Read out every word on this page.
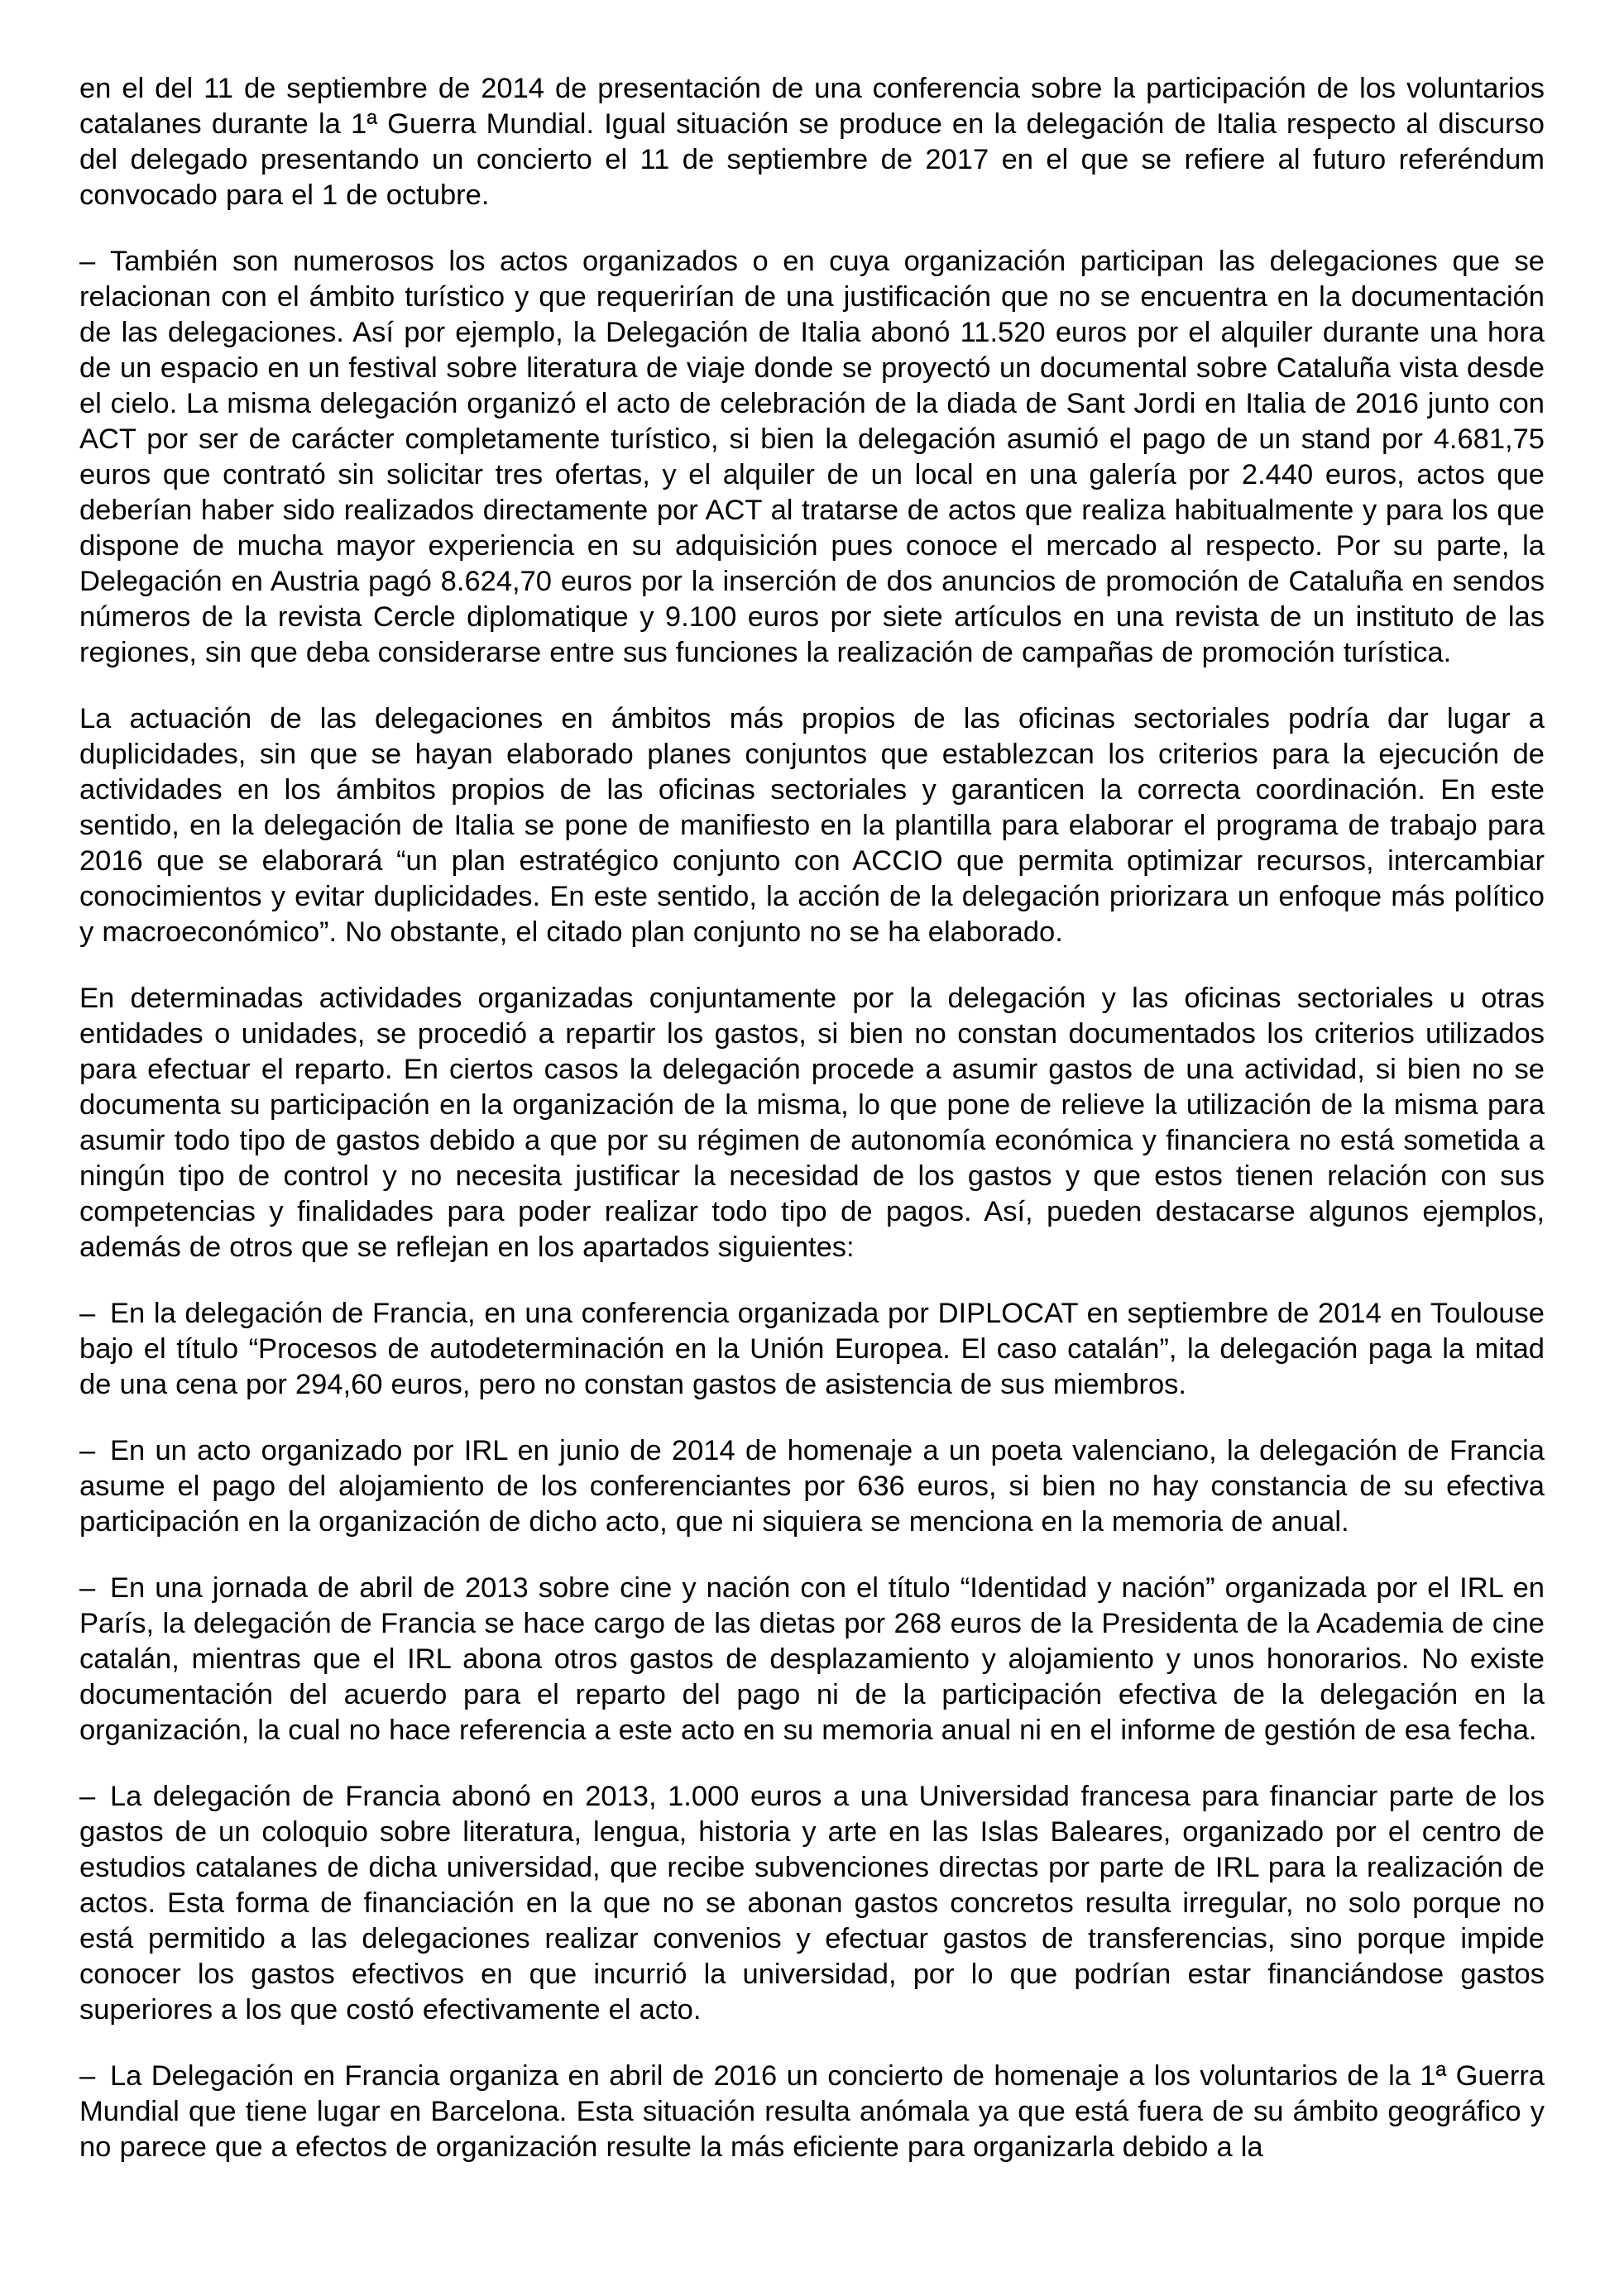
en el del 11 de septiembre de 2014 de presentación de una conferencia sobre la participación de los voluntarios catalanes durante la 1ª Guerra Mundial. Igual situación se produce en la delegación de Italia respecto al discurso del delegado presentando un concierto el 11 de septiembre de 2017 en el que se refiere al futuro referéndum convocado para el 1 de octubre.

– También son numerosos los actos organizados o en cuya organización participan las delegaciones que se relacionan con el ámbito turístico y que requerirían de una justificación que no se encuentra en la documentación de las delegaciones. Así por ejemplo, la Delegación de Italia abonó 11.520 euros por el alquiler durante una hora de un espacio en un festival sobre literatura de viaje donde se proyectó un documental sobre Cataluña vista desde el cielo. La misma delegación organizó el acto de celebración de la diada de Sant Jordi en Italia de 2016 junto con ACT por ser de carácter completamente turístico, si bien la delegación asumió el pago de un stand por 4.681,75 euros que contrató sin solicitar tres ofertas, y el alquiler de un local en una galería por 2.440 euros, actos que deberían haber sido realizados directamente por ACT al tratarse de actos que realiza habitualmente y para los que dispone de mucha mayor experiencia en su adquisición pues conoce el mercado al respecto. Por su parte, la Delegación en Austria pagó 8.624,70 euros por la inserción de dos anuncios de promoción de Cataluña en sendos números de la revista Cercle diplomatique y 9.100 euros por siete artículos en una revista de un instituto de las regiones, sin que deba considerarse entre sus funciones la realización de campañas de promoción turística.

La actuación de las delegaciones en ámbitos más propios de las oficinas sectoriales podría dar lugar a duplicidades, sin que se hayan elaborado planes conjuntos que establezcan los criterios para la ejecución de actividades en los ámbitos propios de las oficinas sectoriales y garanticen la correcta coordinación. En este sentido, en la delegación de Italia se pone de manifiesto en la plantilla para elaborar el programa de trabajo para 2016 que se elaborará “un plan estratégico conjunto con ACCIO que permita optimizar recursos, intercambiar conocimientos y evitar duplicidades. En este sentido, la acción de la delegación priorizara un enfoque más político y macroeconómico”. No obstante, el citado plan conjunto no se ha elaborado.

En determinadas actividades organizadas conjuntamente por la delegación y las oficinas sectoriales u otras entidades o unidades, se procedió a repartir los gastos, si bien no constan documentados los criterios utilizados para efectuar el reparto. En ciertos casos la delegación procede a asumir gastos de una actividad, si bien no se documenta su participación en la organización de la misma, lo que pone de relieve la utilización de la misma para asumir todo tipo de gastos debido a que por su régimen de autonomía económica y financiera no está sometida a ningún tipo de control y no necesita justificar la necesidad de los gastos y que estos tienen relación con sus competencias y finalidades para poder realizar todo tipo de pagos. Así, pueden destacarse algunos ejemplos, además de otros que se reflejan en los apartados siguientes:

– En la delegación de Francia, en una conferencia organizada por DIPLOCAT en septiembre de 2014 en Toulouse bajo el título “Procesos de autodeterminación en la Unión Europea. El caso catalán”, la delegación paga la mitad de una cena por 294,60 euros, pero no constan gastos de asistencia de sus miembros.

– En un acto organizado por IRL en junio de 2014 de homenaje a un poeta valenciano, la delegación de Francia asume el pago del alojamiento de los conferenciantes por 636 euros, si bien no hay constancia de su efectiva participación en la organización de dicho acto, que ni siquiera se menciona en la memoria de anual.

– En una jornada de abril de 2013 sobre cine y nación con el título “Identidad y nación” organizada por el IRL en París, la delegación de Francia se hace cargo de las dietas por 268 euros de la Presidenta de la Academia de cine catalán, mientras que el IRL abona otros gastos de desplazamiento y alojamiento y unos honorarios. No existe documentación del acuerdo para el reparto del pago ni de la participación efectiva de la delegación en la organización, la cual no hace referencia a este acto en su memoria anual ni en el informe de gestión de esa fecha.

– La delegación de Francia abonó en 2013, 1.000 euros a una Universidad francesa para financiar parte de los gastos de un coloquio sobre literatura, lengua, historia y arte en las Islas Baleares, organizado por el centro de estudios catalanes de dicha universidad, que recibe subvenciones directas por parte de IRL para la realización de actos. Esta forma de financiación en la que no se abonan gastos concretos resulta irregular, no solo porque no está permitido a las delegaciones realizar convenios y efectuar gastos de transferencias, sino porque impide conocer los gastos efectivos en que incurrió la universidad, por lo que podrían estar financiándose gastos superiores a los que costó efectivamente el acto.

– La Delegación en Francia organiza en abril de 2016 un concierto de homenaje a los voluntarios de la 1ª Guerra Mundial que tiene lugar en Barcelona. Esta situación resulta anómala ya que está fuera de su ámbito geográfico y no parece que a efectos de organización resulte la más eficiente para organizarla debido a la
